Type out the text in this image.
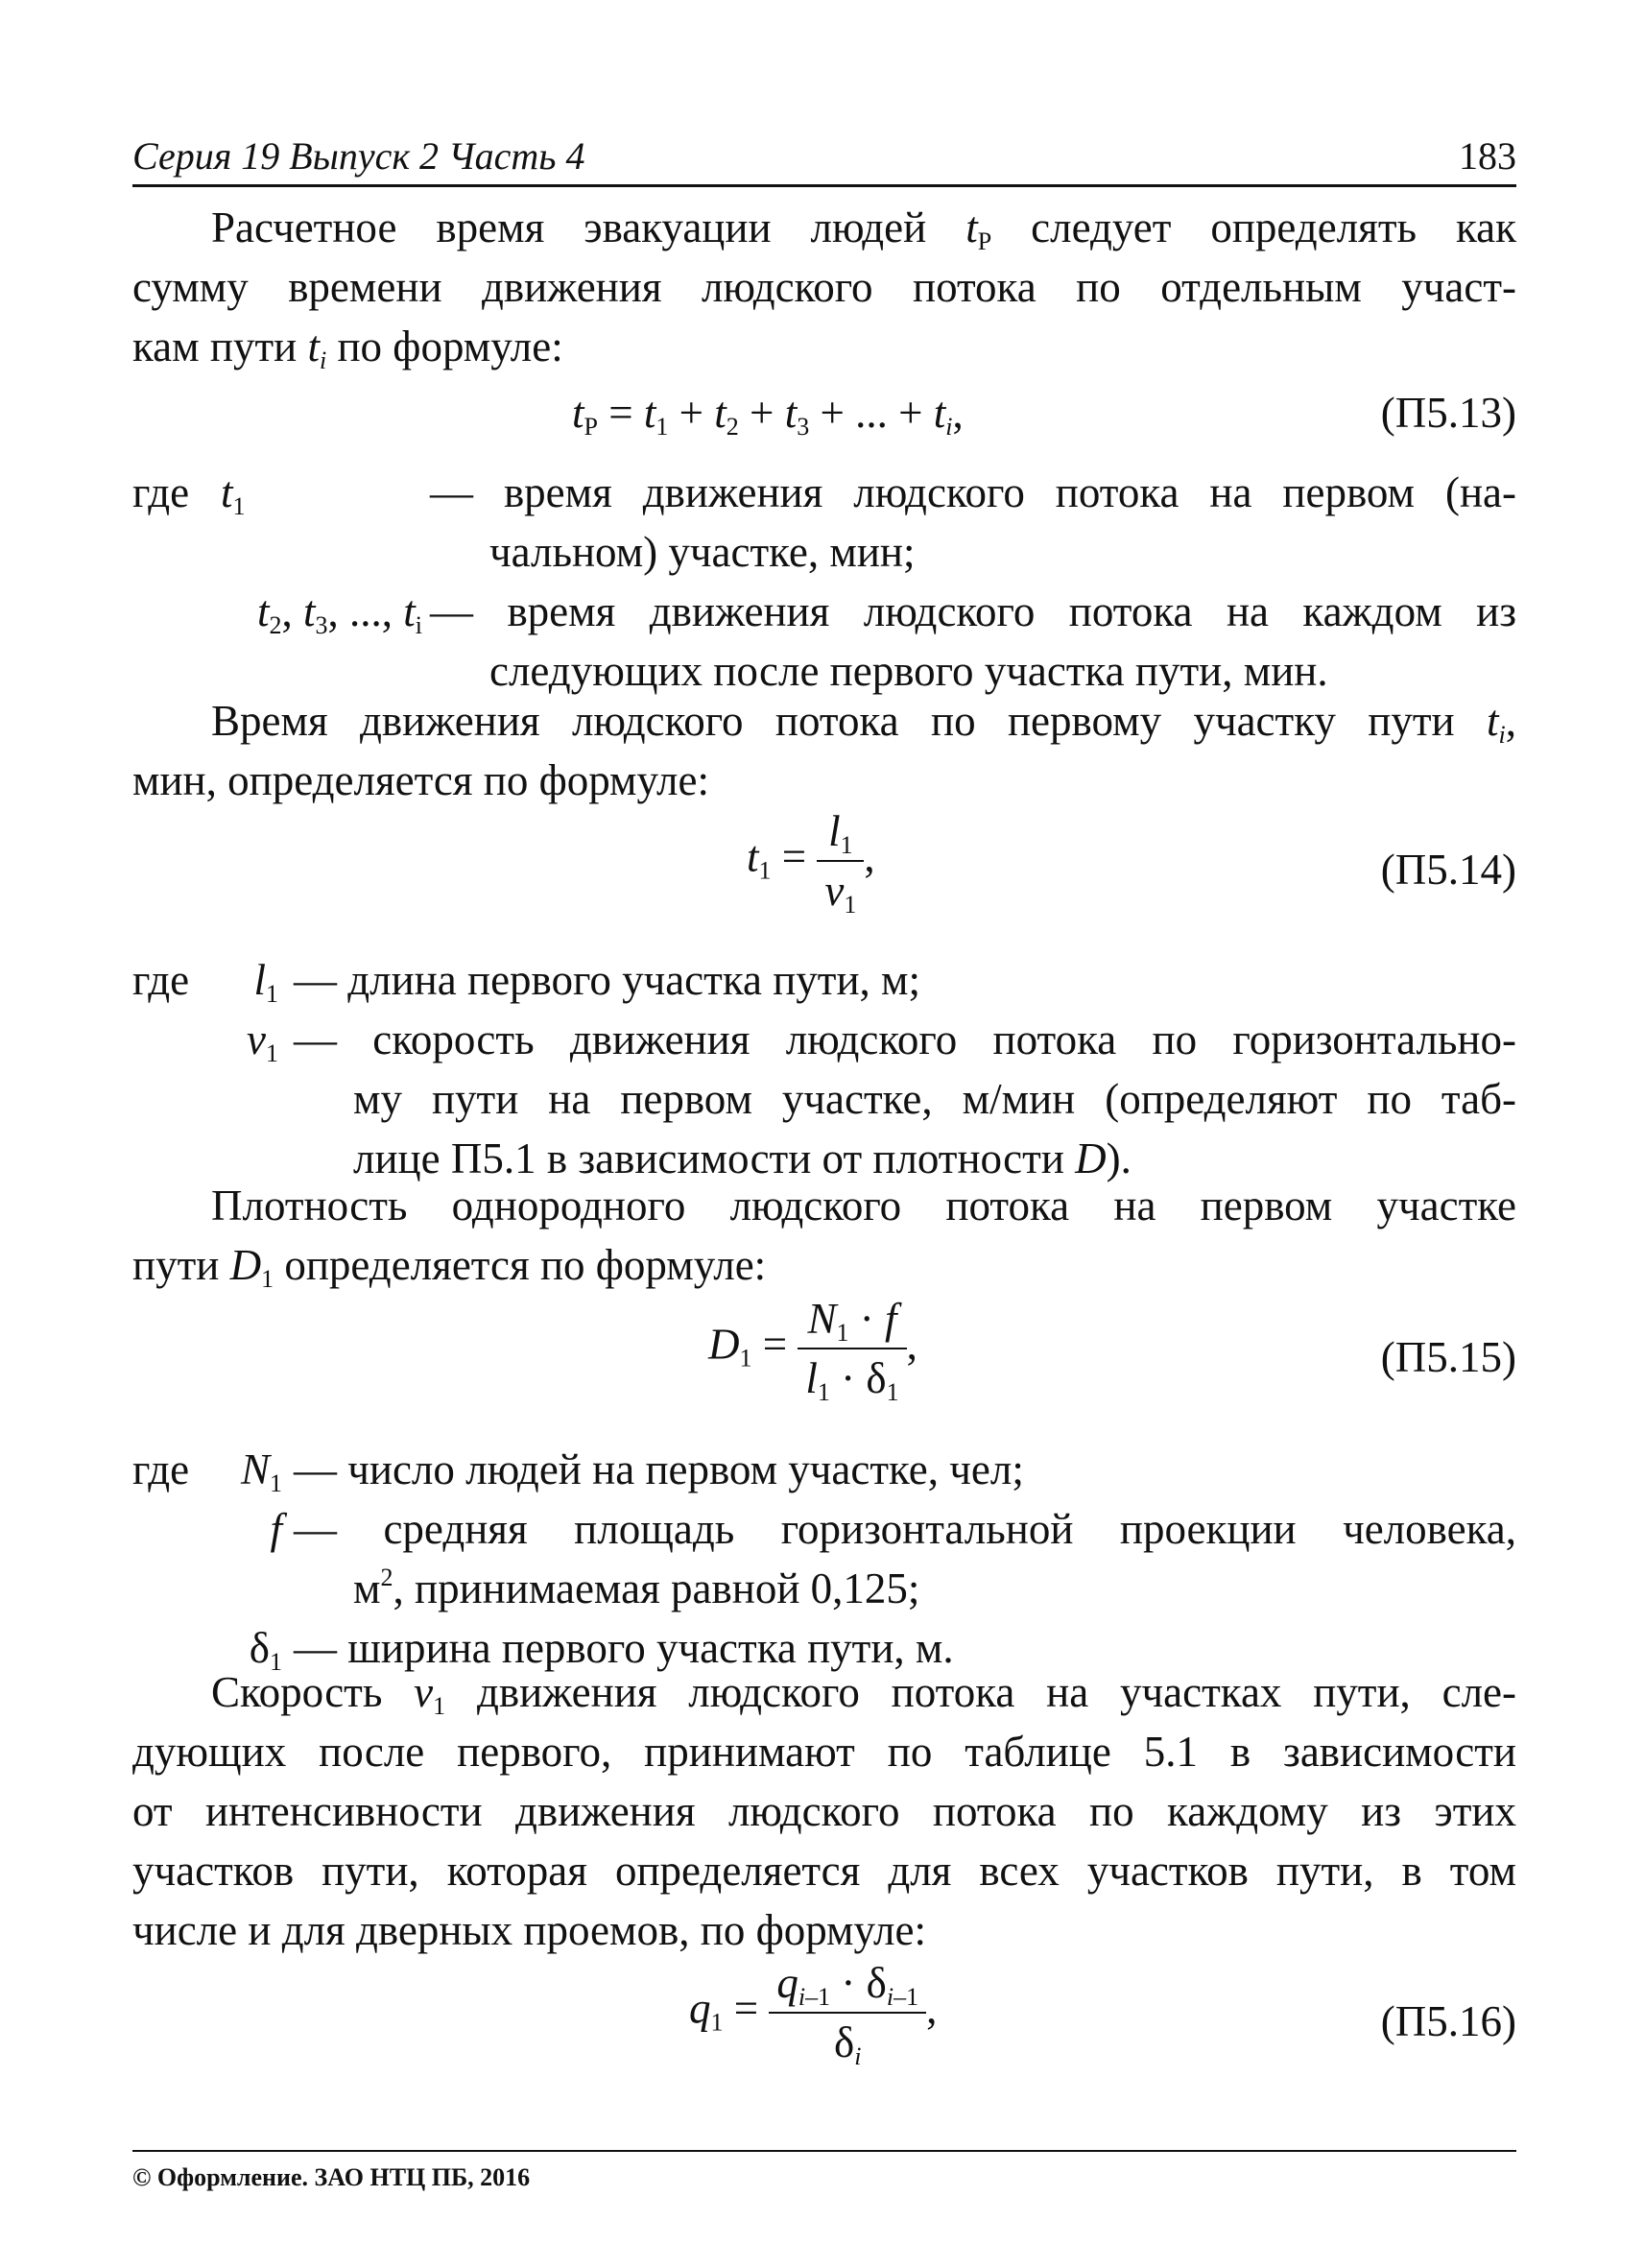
Серия 19 Выпуск 2 Часть 4	183

Расчетное время эвакуации людей $t_Р$ следует определять как
сумму времени движения людского потока по отдельным участ-
кам пути $t_i$ по формуле:

$t_Р = t_1 + t_2 + t_3$ + ... + $t_i$,	(П5.13)
где $t_1$	— время движения людского потока на первом (на-
чальном) участке, мин;
$t_2$, $t_3$, ..., $t_i$ — время движения людского потока на каждом из
следующих после первого участка пути, мин.

Время движения людского потока по первому участку пути $t_i$,
мин, определяется по формуле:

$t_1 = \frac{l_1}{v_1}$ ,	(П5.14)
где	$l_1$ — длина первого участка пути, м;
$v_1$ — скорость движения людского потока по горизонтально-
му пути на первом участке, м/мин (определяют по таб-
лице П5.1 в зависимости от плотности D).

Плотность однородного людского потока на первом участке
пути $D_1$ определяется по формуле:

$D_1 = \frac{N_1 \cdot f}{l_1 \cdot \delta_1}$ ,	(П5.15)
где	$N_1$ — число людей на первом участке, чел;
f — средняя площадь горизонтальной проекции человека,
$м^2$, принимаемая равной 0,125;
$\delta_1$ — ширина первого участка пути, м.

Скорость $v_1$ движения людского потока на участках пути, сле-
дующих после первого, принимают по таблице 5.1 в зависимости
от интенсивности движения людского потока по каждому из этих
участков пути, которая определяется для всех участков пути, в том
числе и для дверных проемов, по формуле:

$q_1 = \frac{q_{i-1} \cdot \delta_{i-1}}{\delta_i}$ ,	(П5.16)
© Оформление. ЗАО НТЦ ПБ, 2016
